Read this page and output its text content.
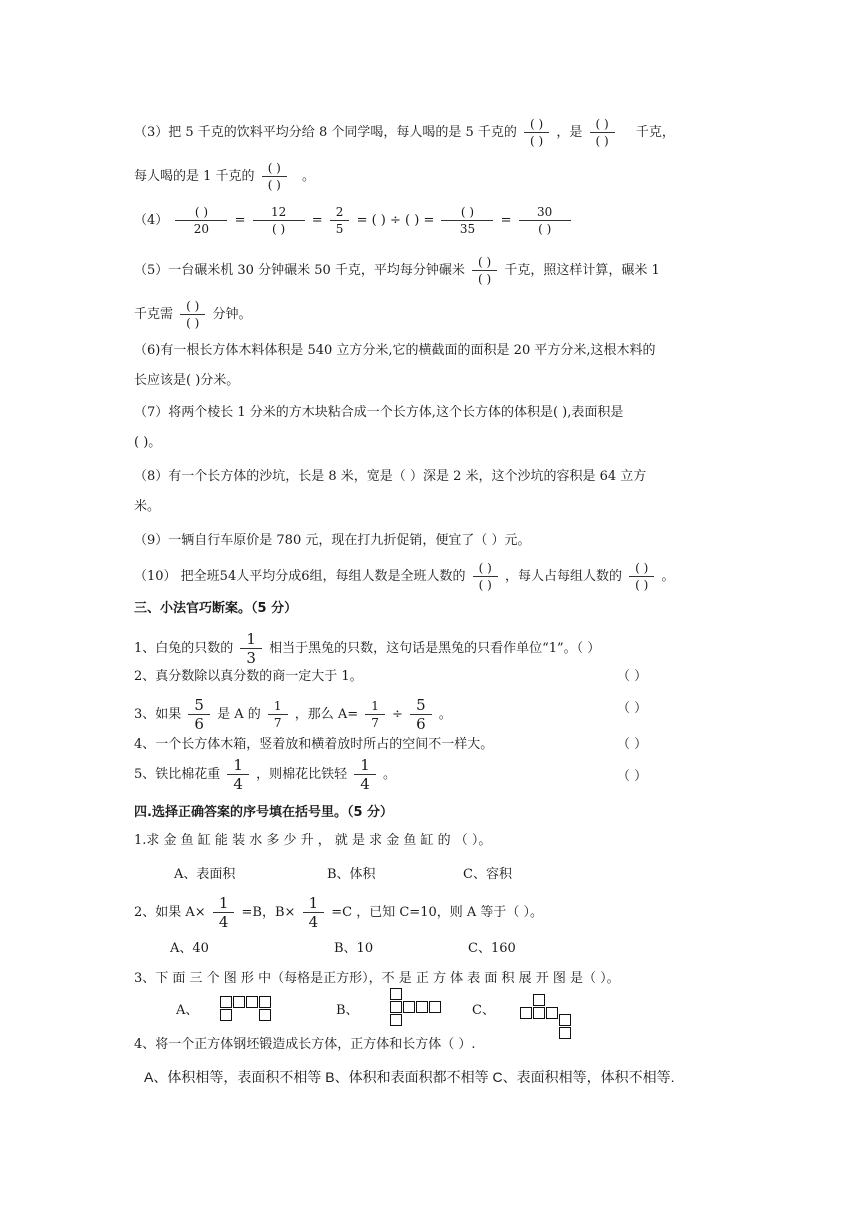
（3）把 5 千克的饮料平均分给 8 个同学喝，每人喝的是 5 千克的
( )
( )
，是
( )
( )
千克，
每人喝的是 1 千克的
( )
( )
。
（4）
( )
20
=
12
( )
= $\frac{2}{5}$ = ( ) ÷ ( ) =
( )
35
=
30
( )
（5）一台碾米机 30 分钟碾米 50 千克，平均每分钟碾米
( )
( )
千克，照这样计算，碾米 1
千克需
( )
( )
分钟。
（6)有一根长方体木料体积是 540 立方分米,它的横截面的面积是 20 平方分米,这根木料的
长应该是( )分米。
（7）将两个棱长 1 分米的方木块粘合成一个长方体,这个长方体的体积是( ),表面积是
( )。
（8）有一个长方体的沙坑，长是 8 米，宽是（ ）深是 2 米，这个沙坑的容积是 64 立方
米。
（9）一辆自行车原价是 780 元，现在打九折促销，便宜了（ ）元。
（10） 把全班54人平均分成6组，每组人数是全班人数的
( )
( )
，每人占每组人数的
( )
( )
。
三、小法官巧断案。（5 分）
1、白兔的只数的 $\frac{1}{3}$ 相当于黑兔的只数，这句话是黑兔的只看作单位“1”。（ ）
2、真分数除以真分数的商一定大于 1。	（ ）
3、如果 $\frac{5}{6}$ 是 A 的 $\frac{1}{7}$ ，那么 $A= \frac{1}{7} \div \frac{5}{6}$ 。	（ ）
4、一个长方体木箱，竖着放和横着放时所占的空间不一样大。	（ ）
5、铁比棉花重 $\frac{1}{4}$ ，则棉花比铁轻 $\frac{1}{4}$ 。	（ ）
四.选择正确答案的序号填在括号里。（5 分）
1.求 金 鱼 缸 能 装 水 多 少 升 ， 就 是 求 金 鱼 缸 的 （ ）。
A、表面积	B、体积	C、容积
2、如果 $A\times \frac{1}{4} =B$，$B\times \frac{1}{4} =C$ ，已知 C=10，则 A 等于（ ）。
A、40	B、10	C、160
3、下 面 三 个 图 形 中（每格是正方形），不 是 正 方 体 表 面 积 展 开 图 是（ ）。
A、	B、	C、
4、将一个正方体钢坯锻造成长方体，正方体和长方体（ ）.
A、体积相等，表面积不相等 B、体积和表面积都不相等 C、表面积相等，体积不相等.
